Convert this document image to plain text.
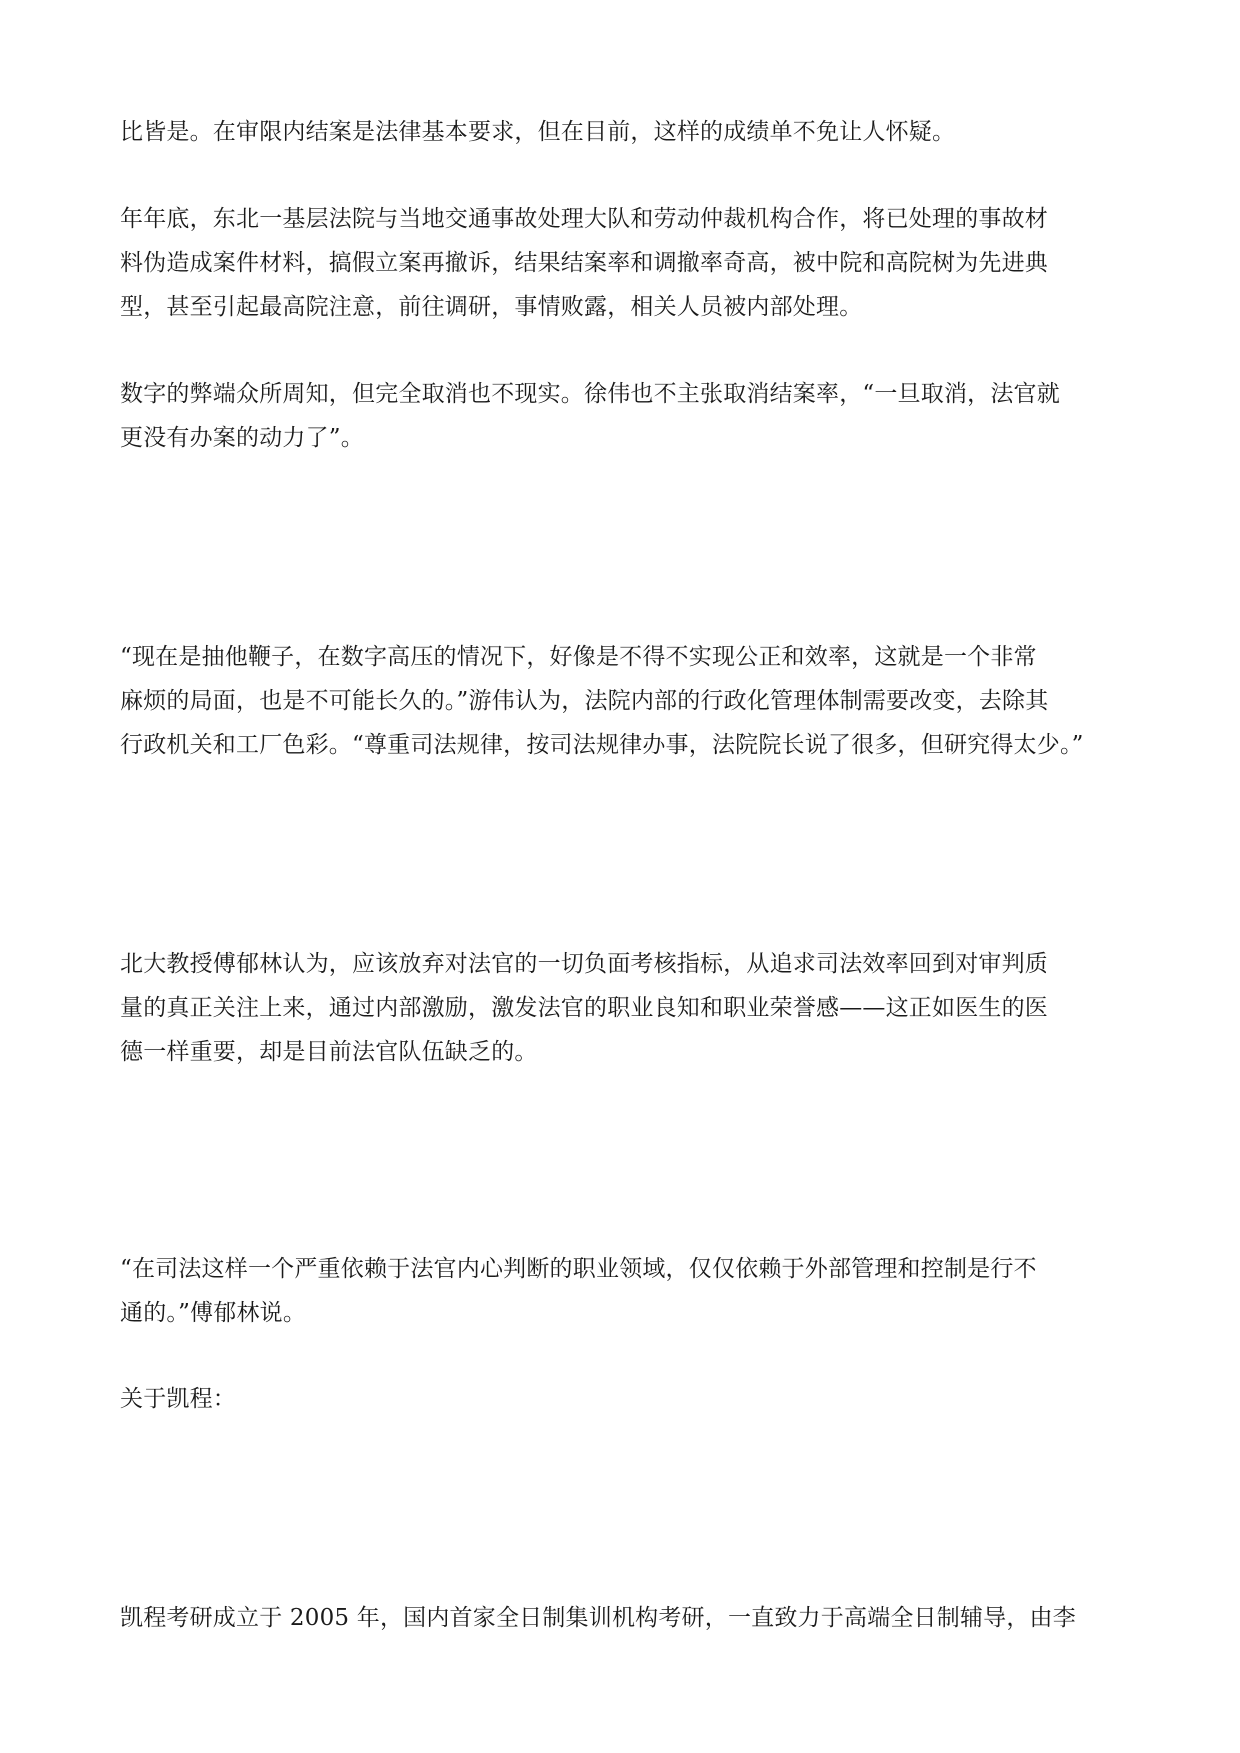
比皆是。在审限内结案是法律基本要求，但在目前，这样的成绩单不免让人怀疑。

年年底，东北一基层法院与当地交通事故处理大队和劳动仲裁机构合作，将已处理的事故材
料伪造成案件材料，搞假立案再撤诉，结果结案率和调撤率奇高，被中院和高院树为先进典
型，甚至引起最高院注意，前往调研，事情败露，相关人员被内部处理。

数字的弊端众所周知，但完全取消也不现实。徐伟也不主张取消结案率，“一旦取消，法官就
更没有办案的动力了”。

“现在是抽他鞭子，在数字高压的情况下，好像是不得不实现公正和效率，这就是一个非常
麻烦的局面，也是不可能长久的。”游伟认为，法院内部的行政化管理体制需要改变，去除其
行政机关和工厂色彩。“尊重司法规律，按司法规律办事，法院院长说了很多，但研究得太少。”

北大教授傅郁林认为，应该放弃对法官的一切负面考核指标，从追求司法效率回到对审判质
量的真正关注上来，通过内部激励，激发法官的职业良知和职业荣誉感——这正如医生的医
德一样重要，却是目前法官队伍缺乏的。

“在司法这样一个严重依赖于法官内心判断的职业领域，仅仅依赖于外部管理和控制是行不
通的。”傅郁林说。

关于凯程：

凯程考研成立于 2005 年，国内首家全日制集训机构考研，一直致力于高端全日制辅导，由李
